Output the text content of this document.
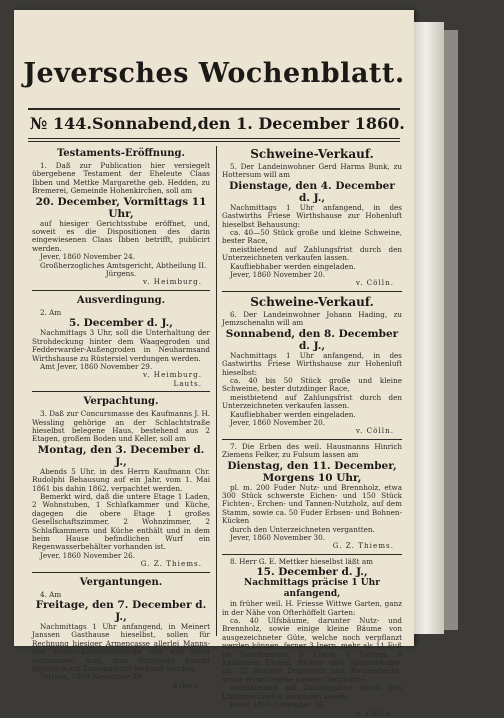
Jeversches Wochenblatt.
№ 144. Sonnabend, den 1. December 1860.
Testaments-Eröffnung.

1. Daß zur Publication hier versiegelt übergebene Testament der Eheleute Claas Ibben und Mettke Margarethe geb. Hedden, zu Bremerei, Gemeinde Hohenkirchen, soll am

20. December, Vormittags 11 Uhr,

auf hiesiger Gerichtsstube eröffnet, und, soweit es die Dispositionen des darin eingewiesenen Claas Ibben betrifft, publicirt werden.

Jever, 1860 November 24.

Großherzogliches Amtsgericht, Abtheilung II.

Jürgens.
v. Heimburg.
Ausverdingung.

2. Am

5. December d. J.,

Nachmittags 3 Uhr, soll die Unterhaltung der Strohdeckung hinter dem Waagegroden und Fedderwarder-Außengroden in Neuharmsand Wirthshause zu Rüstersiel verdungen werden.

Amt Jever, 1860 November 29.

v. Heimburg.
Lauts.
Verpachtung.

3. Daß zur Concursmasse des Kaufmanns J. H. Wessling gehörige an der Schlachtstraße hieselbst belegene Haus, bestehend aus 2 Etagen, großem Boden und Keller, soll am

Montag, den 3. December d. J.,

Abends 5 Uhr, in des Herrn Kaufmann Chr. Rudolphi Behausung auf ein Jahr, vom 1. Mai 1861 bis dahin 1862, verpachtet werden.

Bemerkt wird, daß die untere Etage 1 Laden, 2 Wohnstuben, 1 Schlafkammer und Küche, dagegen die obere Etage 1 großes Gesellschaftszimmer, 2 Wohnzimmer, 2 Schlafkammern und Küche enthält und in dem beim Hause befindlichen Wurf ein Regenwasserbehälter vorhanden ist.

Jever, 1860 November 26.

G. Z. Thiems.
Vergantungen.

4. Am

Freitage, den 7. December d. J.,

Nachmittags 1 Uhr anfangend, in Meinert Janssen Gasthause hieselbst, sollen für Rechnung hiesiger Armencasse allerlei Manns- und Frauen-Kleidungsstücke und was sonst vorkommen mag, zum Vorschein kommt öffentlich auf Zahlungsfrist verkauft werden.

Tettens, 1860 November 29.

Eiben.
Schweine-Verkauf.

5. Der Landeinwohner Gerd Harms Bunk, zu Hottersum will am

Dienstage, den 4. December d. J.,

Nachmittags 1 Uhr anfangend, in des Gastwirths Friese Wirthshause zur Hohenluft hieselbst Behausung:

ca. 40—50 Stück große und kleine Schweine, bester Race,

meistbietend auf Zahlungsfrist durch den Unterzeichneten verkaufen lassen.

Kaufliebhaber werden eingeladen.

Jever, 1860 November 20.

v. Cölln.
Schweine-Verkauf.

6. Der Landeinwohner Johann Hading, zu Jemzschenahn will am

Sonnabend, den 8. December d. J.,

Nachmittags 1 Uhr anfangend, in des Gastwirths Friese Wirthshause zur Hohenluft hieselbst:

ca. 40 bis 50 Stück große und kleine Schweine, bester dutzdinger Race,

meistbietend auf Zahlungsfrist durch den Unterzeichneten verkaufen lassen.

Kaufliebhaber werden eingeladen.

Jever, 1860 November 20.

v. Cölln.

7. Die Erben des weil. Hausmanns Hinrich Ziemens Felker, zu Fulsum lassen am

Dienstag, den 11. December, Morgens 10 Uhr,

pl. m. 200 Fuder Nutz- und Brennholz, etwa 300 Stück schwerste Eichen- und 150 Stück Fichten-, Erchen- und Tannen-Nutzholz, auf dem Stamm, sowie ca. 50 Fuder Erbsen- und Bohnen-Kücken

durch den Unterzeichneten vergantten.

Jever, 1860 November 30.

G. Z. Thiems.

8. Herr G. E. Mettker hieselbst läßt am

15. December d. J.,
Nachmittags präcise 1 Uhr anfangend,

in früher weil. H. Friesse Wittwe Garten, ganz in der Nähe von Ofterhöffelt Garten:

ca. 40 Ulfsbäume, darunter Nutz- und Brennholz, sowie einige kleine Bäume von ausgezeichneter Güte, welche noch verpflanzt werden können, ferner 3 Ipern, mehr als 11 Fuß im Durchmesser, 6 Ellern, 6 Eschen, 6 Kastanien, Eichen, Birken- und Tannenbäume, ca. 25 Rauhen Dagstoren und Buchenhecke, sowie verschiedene andere Gesträuche,

meistbietend auf Zahlungsfrist durch den Unterzeichneten verkaufen lassen.

Jever, 1860 November 30.

v. Cölln.
